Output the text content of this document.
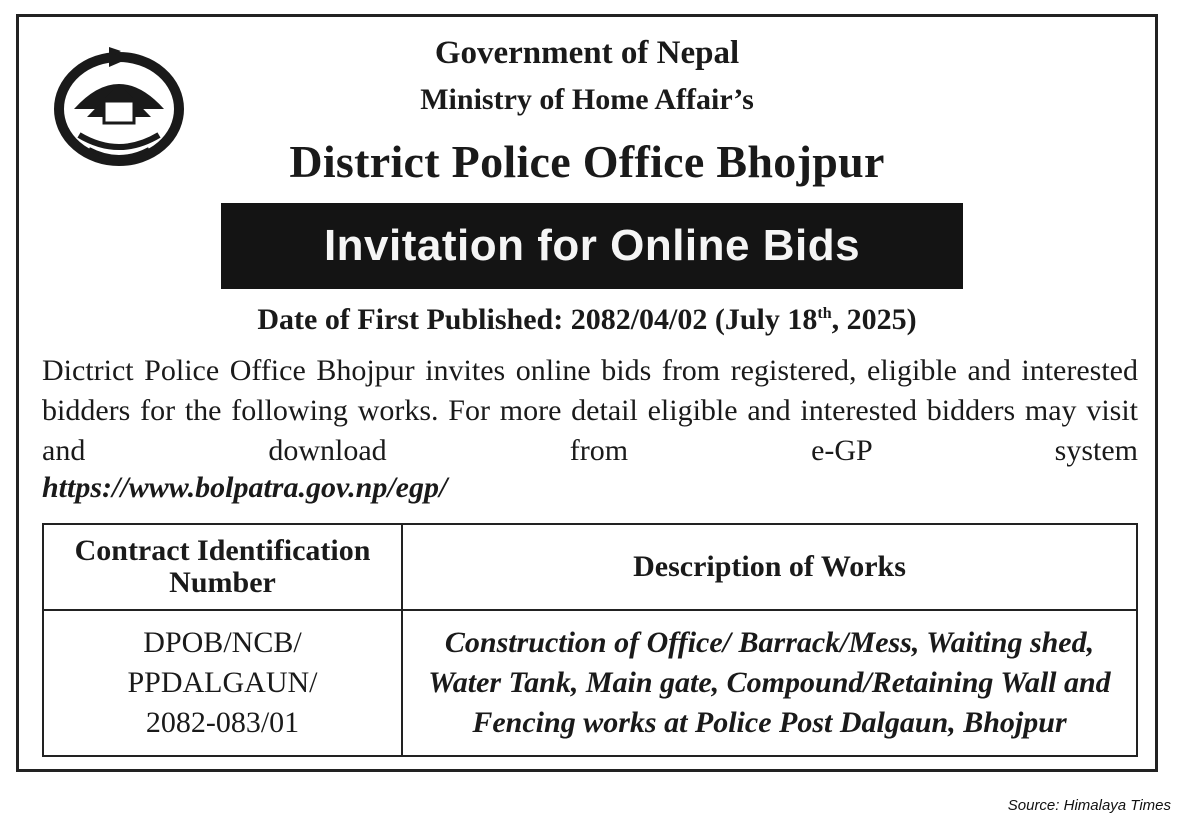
Government of Nepal
Ministry of Home Affair’s
District Police Office Bhojpur
Invitation for Online Bids
Date of First Published: 2082/04/02 (July 18th, 2025)
Dictrict Police Office Bhojpur invites online bids from registered, eligible and interested bidders for the following works. For more detail eligible and interested bidders may visit and download from e-GP system
https://www.bolpatra.gov.np/egp/
Contract Identification Number	Description of Works

DPOB/NCB/
PPDALGAUN/
2082-083/01	Construction of Office/ Barrack/Mess, Waiting shed, Water Tank, Main gate, Compound/Retaining Wall and Fencing works at Police Post Dalgaun, Bhojpur
Source: Himalaya Times
